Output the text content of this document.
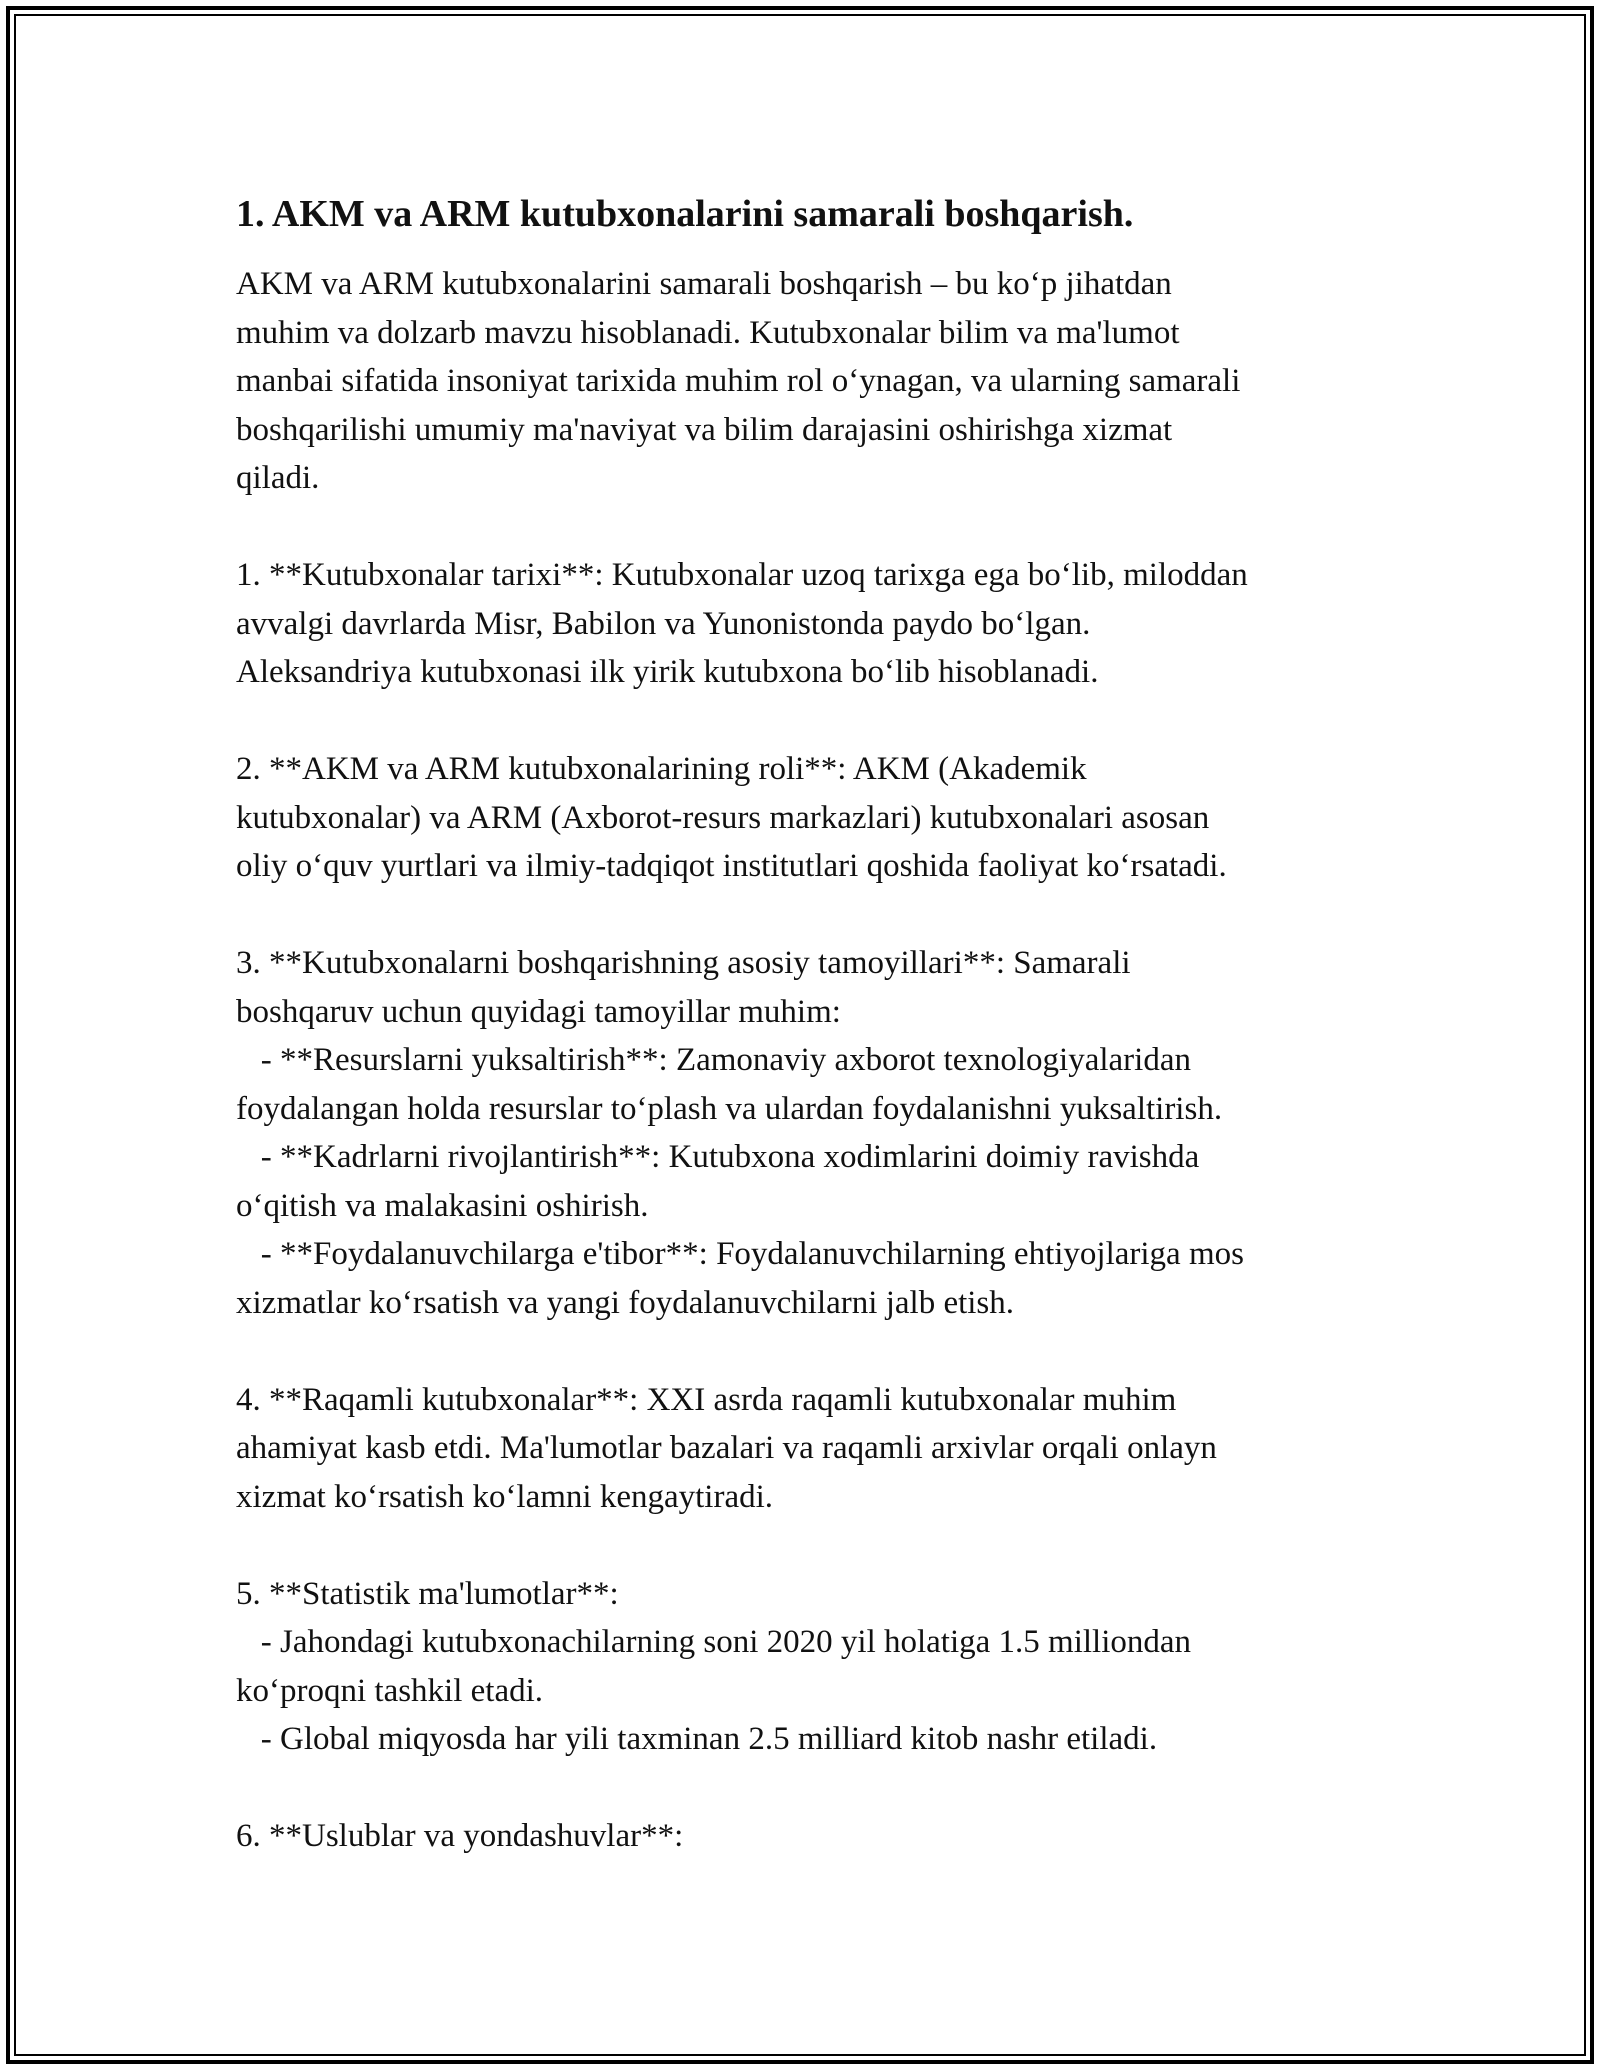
1. AKM va ARM kutubxonalarini samarali boshqarish.
AKM va ARM kutubxonalarini samarali boshqarish – bu ko‘p jihatdan
muhim va dolzarb mavzu hisoblanadi. Kutubxonalar bilim va ma'lumot
manbai sifatida insoniyat tarixida muhim rol o‘ynagan, va ularning samarali
boshqarilishi umumiy ma'naviyat va bilim darajasini oshirishga xizmat
qiladi.
1. **Kutubxonalar tarixi**: Kutubxonalar uzoq tarixga ega bo‘lib, miloddan
avvalgi davrlarda Misr, Babilon va Yunonistonda paydo bo‘lgan.
Aleksandriya kutubxonasi ilk yirik kutubxona bo‘lib hisoblanadi.
2. **AKM va ARM kutubxonalarining roli**: AKM (Akademik
kutubxonalar) va ARM (Axborot-resurs markazlari) kutubxonalari asosan
oliy o‘quv yurtlari va ilmiy-tadqiqot institutlari qoshida faoliyat ko‘rsatadi.
3. **Kutubxonalarni boshqarishning asosiy tamoyillari**: Samarali
boshqaruv uchun quyidagi tamoyillar muhim:
- **Resurslarni yuksaltirish**: Zamonaviy axborot texnologiyalaridan
foydalangan holda resurslar to‘plash va ulardan foydalanishni yuksaltirish.
- **Kadrlarni rivojlantirish**: Kutubxona xodimlarini doimiy ravishda
o‘qitish va malakasini oshirish.
- **Foydalanuvchilarga e'tibor**: Foydalanuvchilarning ehtiyojlariga mos
xizmatlar ko‘rsatish va yangi foydalanuvchilarni jalb etish.
4. **Raqamli kutubxonalar**: XXI asrda raqamli kutubxonalar muhim
ahamiyat kasb etdi. Ma'lumotlar bazalari va raqamli arxivlar orqali onlayn
xizmat ko‘rsatish ko‘lamni kengaytiradi.
5. **Statistik ma'lumotlar**:
- Jahondagi kutubxonachilarning soni 2020 yil holatiga 1.5 milliondan
ko‘proqni tashkil etadi.
- Global miqyosda har yili taxminan 2.5 milliard kitob nashr etiladi.
6. **Uslublar va yondashuvlar**:
